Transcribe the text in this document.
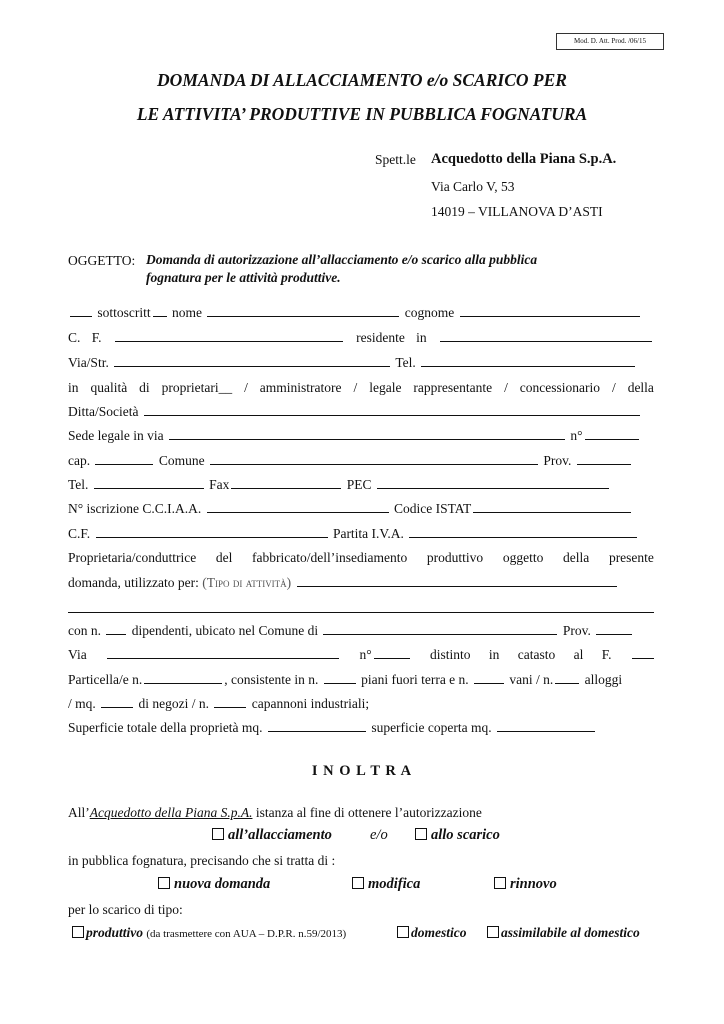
Mod. D. Att. Prod. /06/15
DOMANDA DI ALLACCIAMENTO e/o SCARICO PER
LE ATTIVITA’ PRODUTTIVE IN PUBBLICA FOGNATURA
Spett.le Acquedotto della Piana S.p.A.
Via Carlo V, 53
14019 – VILLANOVA D’ASTI
OGGETTO: Domanda di autorizzazione all’allacciamento e/o scarico alla pubblica
fognatura per le attività produttive.
sottoscritt nome	cognome
C. F.	residente in
Via/Str.	Tel.
in qualità di proprietari__ / amministratore / legale rappresentante / concessionario / della
Ditta/Società
Sede legale in via	n°
cap.	Comune	Prov.
Tel.	Fax	PEC
N° iscrizione C.C.I.A.A.	Codice ISTAT
C.F.	Partita I.V.A.
Proprietaria/conduttrice del fabbricato/dell’insediamento produttivo oggetto della presente
domanda, utilizzato per: (Tipo di attività)
con n. dipendenti, ubicato nel Comune di	Prov.
Via	n°	distinto in catasto al F.
Particella/e n.	, consistente in n.	piani fuori terra e n.	vani / n. alloggi
/ mq.	di negozi / n.	capannoni industriali;
Superficie totale della proprietà mq.	superficie coperta mq.
I N O L T R A
All’Acquedotto della Piana S.p.A. istanza al fine di ottenere l’autorizzazione
all’allacciamento	e/o	allo scarico
in pubblica fognatura, precisando che si tratta di :
nuova domanda	modifica	rinnovo
per lo scarico di tipo:
produttivo (da trasmettere con AUA – D.P.R. n.59/2013)	domestico	assimilabile al domestico
